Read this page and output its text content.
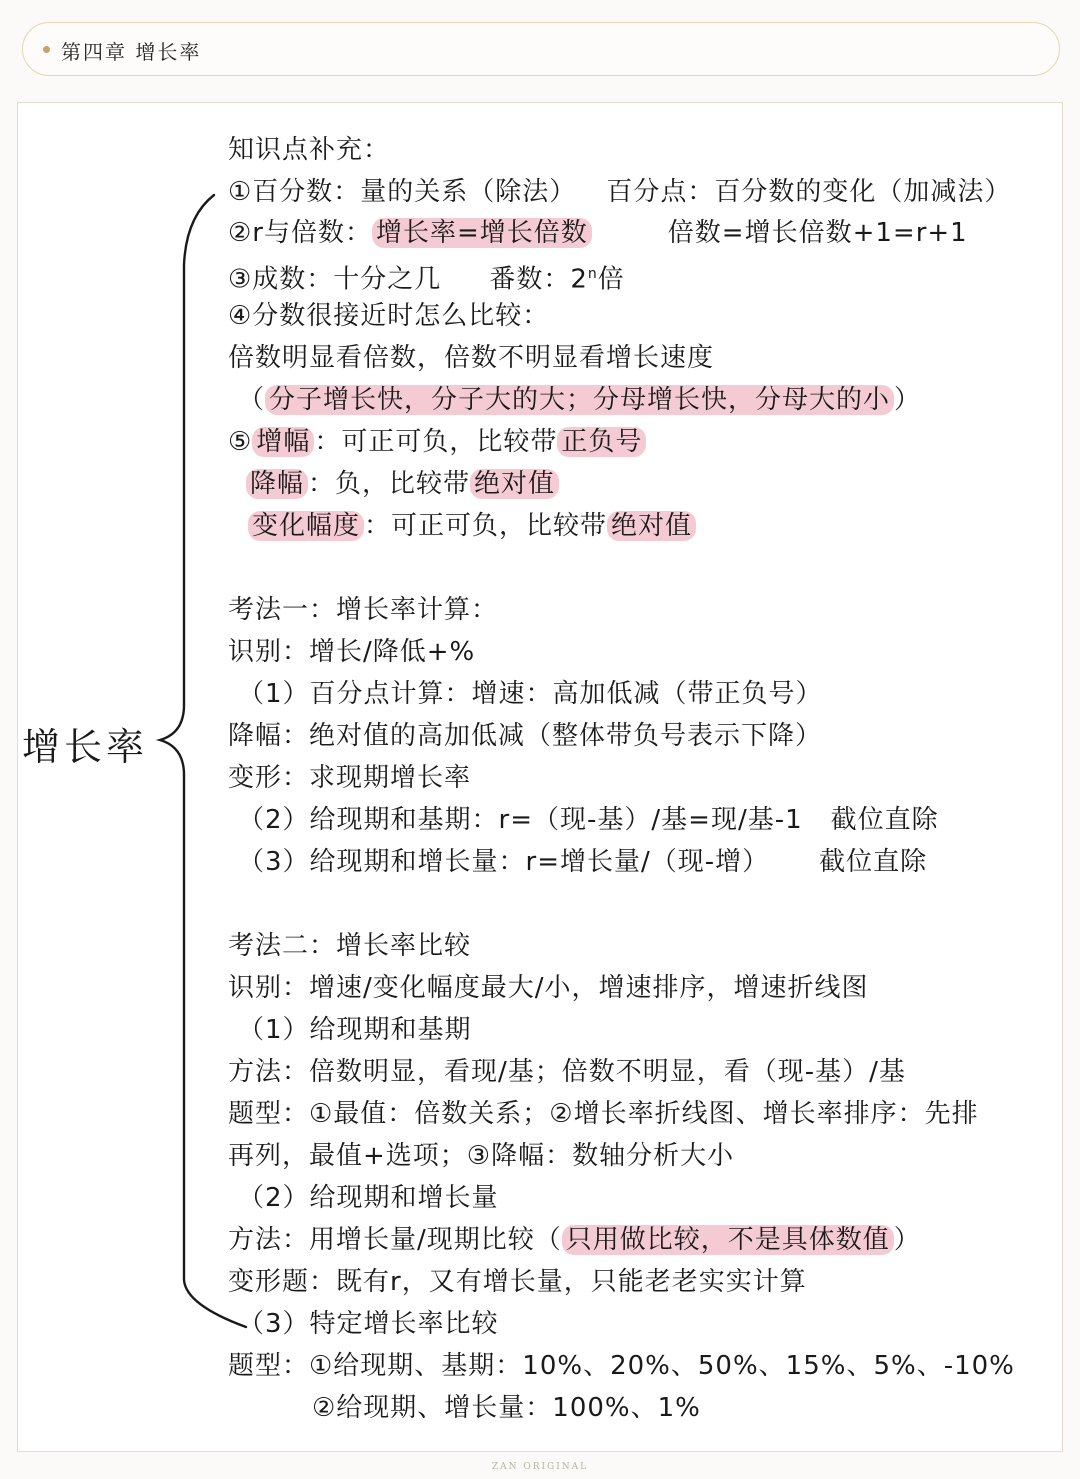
第四章 增长率
增长率
知识点补充：
①百分数：量的关系（除法） 百分点：百分数的变化（加减法）
②r与倍数： 增长率=增长倍数	倍数=增长倍数+1=r+1
③成数：十分之几 番数：2$^n$倍
④分数很接近时怎么比较：
倍数明显看倍数，倍数不明显看增长速度
（ 分子增长快，分子大的大；分母增长快，分母大的小 ）
⑤ 增幅 ：可正可负，比较带 正负号
降幅 ：负，比较带 绝对值
变化幅度 ：可正可负，比较带 绝对值
考法一：增长率计算：
识别：增长/降低+%
（1）百分点计算：增速：高加低减（带正负号）
降幅：绝对值的高加低减（整体带负号表示下降）
变形：求现期增长率
（2）给现期和基期：r=（现-基）/基=现/基-1 截位直除
（3）给现期和增长量：r=增长量/（现-增） 截位直除
考法二：增长率比较
识别：增速/变化幅度最大/小，增速排序，增速折线图
（1）给现期和基期
方法：倍数明显，看现/基；倍数不明显，看（现-基）/基
题型：①最值：倍数关系；②增长率折线图、增长率排序：先排
再列，最值+选项；③降幅：数轴分析大小
（2）给现期和增长量
方法：用增长量/现期比较（ 只用做比较，不是具体数值 ）
变形题：既有r，又有增长量，只能老老实实计算
（3）特定增长率比较
题型：①给现期、基期：10%、20%、50%、15%、5%、-10%
②给现期、增长量：100%、1%
ZAN ORIGINAL
